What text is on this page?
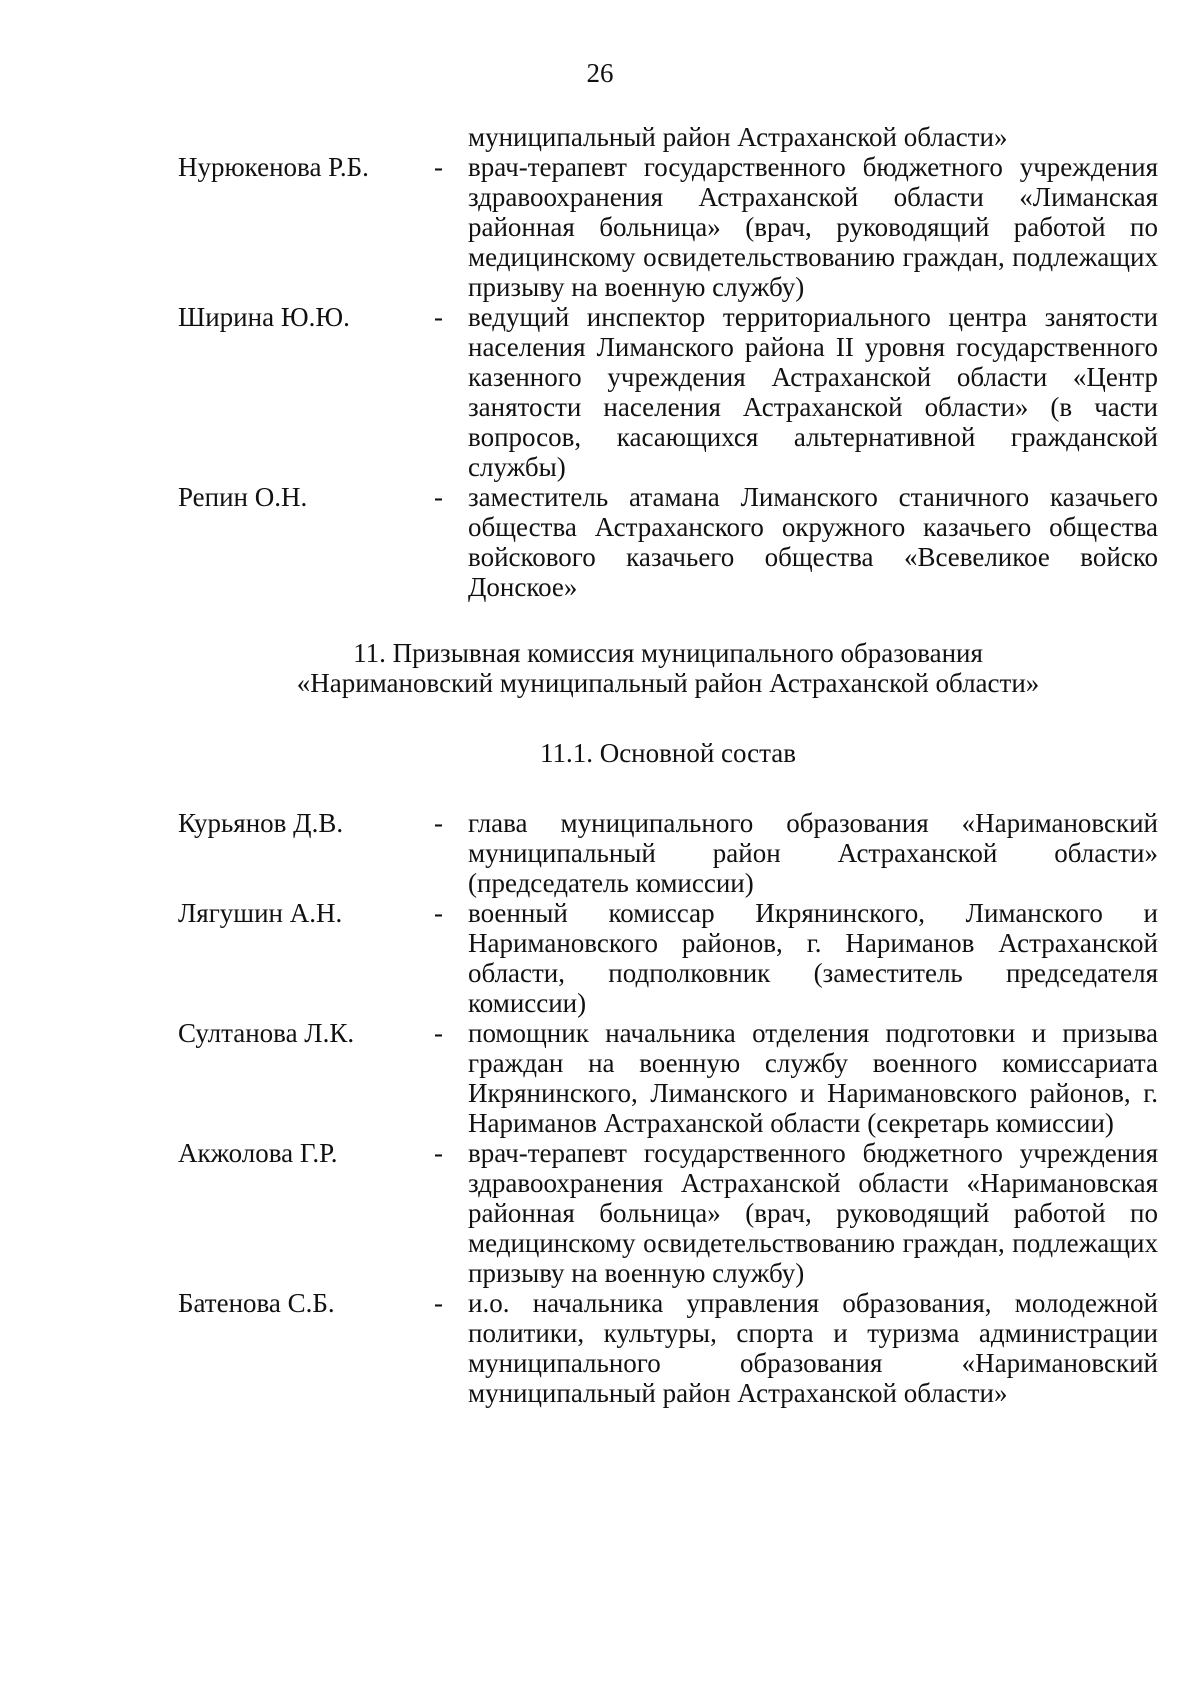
26
муниципальный район Астраханской области»
Нурюкенова Р.Б.	- врач-терапевт государственного бюджетного учреждения здравоохранения Астраханской области «Лиманская районная больница» (врач, руководящий работой по медицинскому освидетельствованию граждан, подлежащих призыву на военную службу)
Ширина Ю.Ю.	- ведущий инспектор территориального центра занятости населения Лиманского района II уровня государственного казенного учреждения Астраханской области «Центр занятости населения Астраханской области» (в части вопросов, касающихся альтернативной гражданской службы)
Репин О.Н.	- заместитель атамана Лиманского станичного казачьего общества Астраханского окружного казачьего общества войскового казачьего общества «Всевеликое войско Донское»
11. Призывная комиссия муниципального образования
«Наримановский муниципальный район Астраханской области»
11.1. Основной состав
Курьянов Д.В.	- глава муниципального образования «Наримановский муниципальный район Астраханской области» (председатель комиссии)
Лягушин А.Н.	- военный комиссар Икрянинского, Лиманского и Наримановского районов, г. Нариманов Астраханской области, подполковник (заместитель председателя комиссии)
Султанова Л.К.	- помощник начальника отделения подготовки и призыва граждан на военную службу военного комиссариата Икрянинского, Лиманского и Наримановского районов, г. Нариманов Астраханской области (секретарь комиссии)
Акжолова Г.Р.	- врач-терапевт государственного бюджетного учреждения здравоохранения Астраханской области «Наримановская районная больница» (врач, руководящий работой по медицинскому освидетельствованию граждан, подлежащих призыву на военную службу)
Батенова С.Б.	- и.о. начальника управления образования, молодежной политики, культуры, спорта и туризма администрации муниципального образования «Наримановский муниципальный район Астраханской области»
